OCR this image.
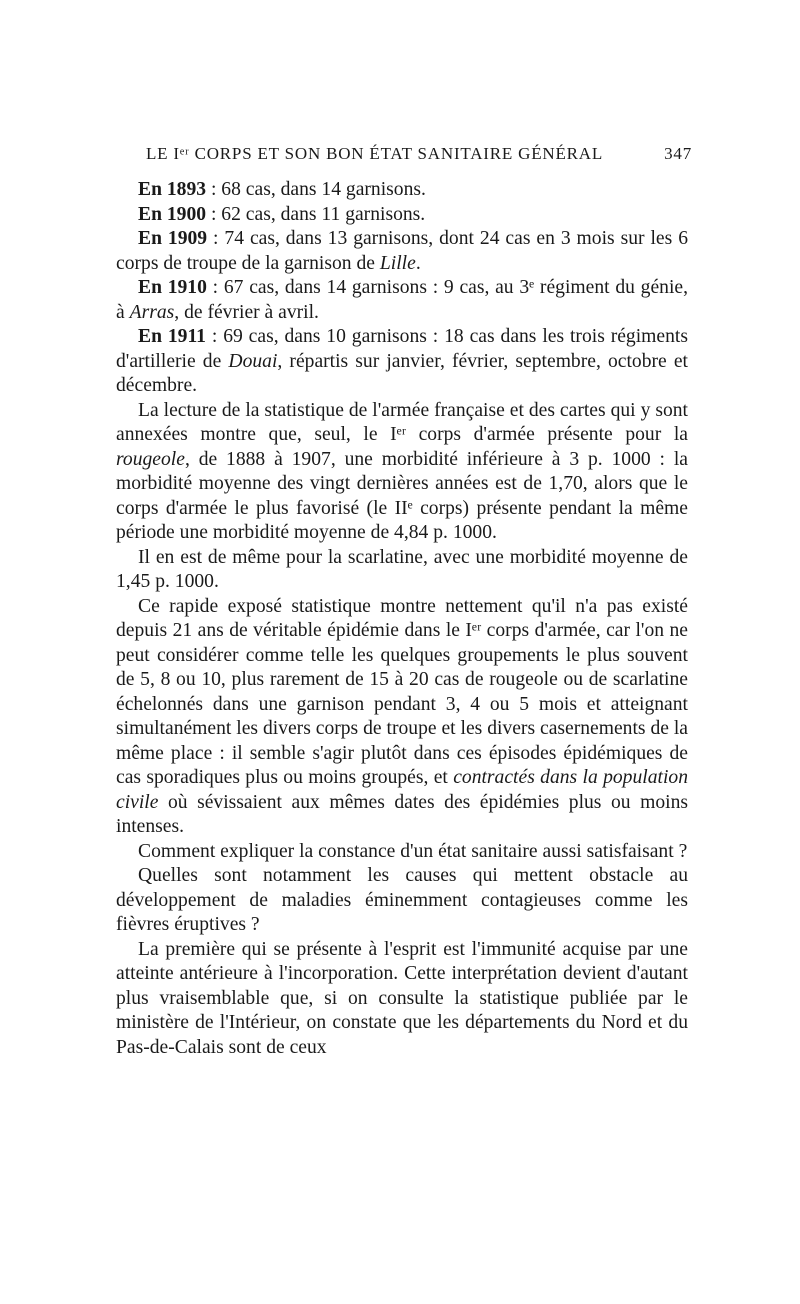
LE Iᵉʳ CORPS ET SON BON ÉTAT SANITAIRE GÉNÉRAL	347

En 1893 : 68 cas, dans 14 garnisons.

En 1900 : 62 cas, dans 11 garnisons.

En 1909 : 74 cas, dans 13 garnisons, dont 24 cas en 3 mois sur les 6 corps de troupe de la garnison de Lille.

En 1910 : 67 cas, dans 14 garnisons : 9 cas, au 3ᵉ régiment du génie, à Arras, de février à avril.

En 1911 : 69 cas, dans 10 garnisons : 18 cas dans les trois régiments d'artillerie de Douai, répartis sur janvier, février, septembre, octobre et décembre.

La lecture de la statistique de l'armée française et des cartes qui y sont annexées montre que, seul, le Iᵉʳ corps d'armée présente pour la rougeole, de 1888 à 1907, une morbidité inférieure à 3 p. 1000 : la morbidité moyenne des vingt dernières années est de 1,70, alors que le corps d'armée le plus favorisé (le IIᵉ corps) présente pendant la même période une morbidité moyenne de 4,84 p. 1000.

Il en est de même pour la scarlatine, avec une morbidité moyenne de 1,45 p. 1000.

Ce rapide exposé statistique montre nettement qu'il n'a pas existé depuis 21 ans de véritable épidémie dans le Iᵉʳ corps d'armée, car l'on ne peut considérer comme telle les quelques groupements le plus souvent de 5, 8 ou 10, plus rarement de 15 à 20 cas de rougeole ou de scarlatine échelonnés dans une garnison pendant 3, 4 ou 5 mois et atteignant simultanément les divers corps de troupe et les divers casernements de la même place : il semble s'agir plutôt dans ces épisodes épidémiques de cas sporadiques plus ou moins groupés, et contractés dans la population civile où sévissaient aux mêmes dates des épidémies plus ou moins intenses.

Comment expliquer la constance d'un état sanitaire aussi satisfaisant ?

Quelles sont notamment les causes qui mettent obstacle au développement de maladies éminemment contagieuses comme les fièvres éruptives ?

La première qui se présente à l'esprit est l'immunité acquise par une atteinte antérieure à l'incorporation. Cette interprétation devient d'autant plus vraisemblable que, si on consulte la statistique publiée par le ministère de l'Intérieur, on constate que les départements du Nord et du Pas-de-Calais sont de ceux
